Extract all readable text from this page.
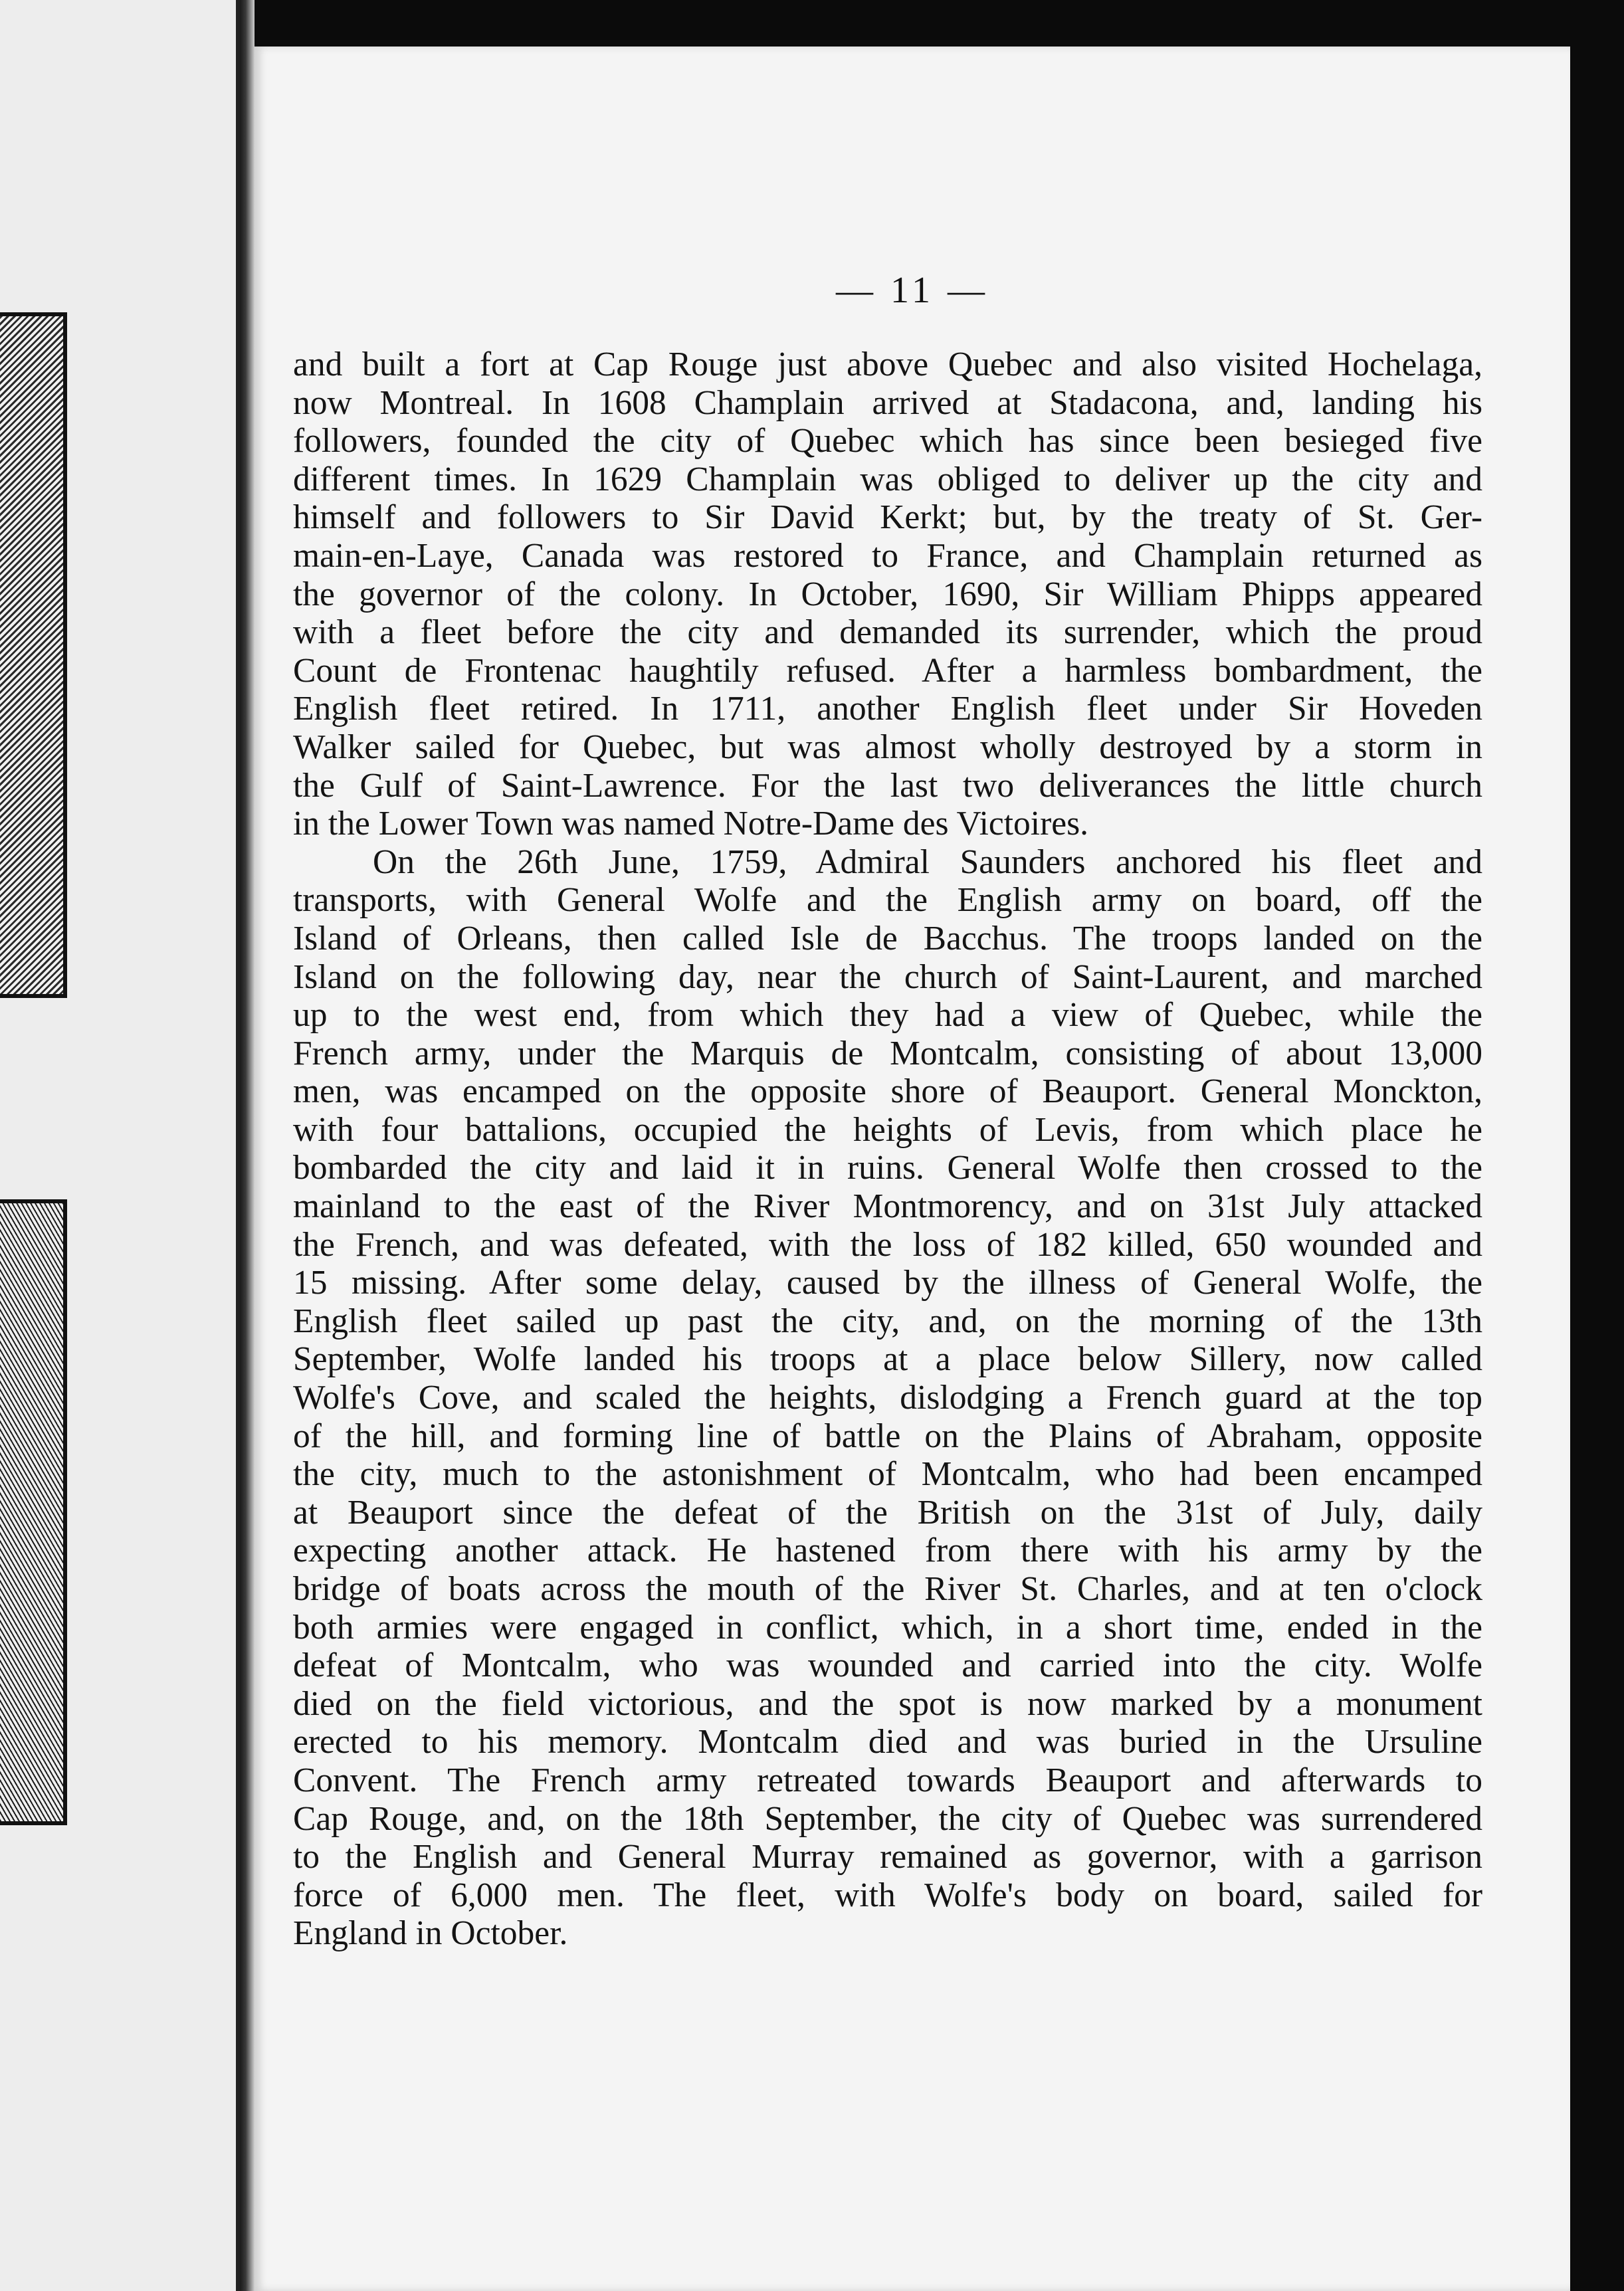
— 11 —
and built a fort at Cap Rouge just above Quebec and also visited Hochelaga,
now Montreal. In 1608 Champlain arrived at Stadacona, and, landing his
followers, founded the city of Quebec which has since been besieged five
different times. In 1629 Champlain was obliged to deliver up the city and
himself and followers to Sir David Kerkt; but, by the treaty of St. Ger-
main-en-Laye, Canada was restored to France, and Champlain returned as
the governor of the colony. In October, 1690, Sir William Phipps appeared
with a fleet before the city and demanded its surrender, which the proud
Count de Frontenac haughtily refused. After a harmless bombardment, the
English fleet retired. In 1711, another English fleet under Sir Hoveden
Walker sailed for Quebec, but was almost wholly destroyed by a storm in
the Gulf of Saint-Lawrence. For the last two deliverances the little church
in the Lower Town was named Notre-Dame des Victoires.
On the 26th June, 1759, Admiral Saunders anchored his fleet and
transports, with General Wolfe and the English army on board, off the
Island of Orleans, then called Isle de Bacchus. The troops landed on the
Island on the following day, near the church of Saint-Laurent, and marched
up to the west end, from which they had a view of Quebec, while the
French army, under the Marquis de Montcalm, consisting of about 13,000
men, was encamped on the opposite shore of Beauport. General Monckton,
with four battalions, occupied the heights of Levis, from which place he
bombarded the city and laid it in ruins. General Wolfe then crossed to the
mainland to the east of the River Montmorency, and on 31st July attacked
the French, and was defeated, with the loss of 182 killed, 650 wounded and
15 missing. After some delay, caused by the illness of General Wolfe, the
English fleet sailed up past the city, and, on the morning of the 13th
September, Wolfe landed his troops at a place below Sillery, now called
Wolfe's Cove, and scaled the heights, dislodging a French guard at the top
of the hill, and forming line of battle on the Plains of Abraham, opposite
the city, much to the astonishment of Montcalm, who had been encamped
at Beauport since the defeat of the British on the 31st of July, daily
expecting another attack. He hastened from there with his army by the
bridge of boats across the mouth of the River St. Charles, and at ten o'clock
both armies were engaged in conflict, which, in a short time, ended in the
defeat of Montcalm, who was wounded and carried into the city. Wolfe
died on the field victorious, and the spot is now marked by a monument
erected to his memory. Montcalm died and was buried in the Ursuline
Convent. The French army retreated towards Beauport and afterwards to
Cap Rouge, and, on the 18th September, the city of Quebec was surrendered
to the English and General Murray remained as governor, with a garrison
force of 6,000 men. The fleet, with Wolfe's body on board, sailed for
England in October.
